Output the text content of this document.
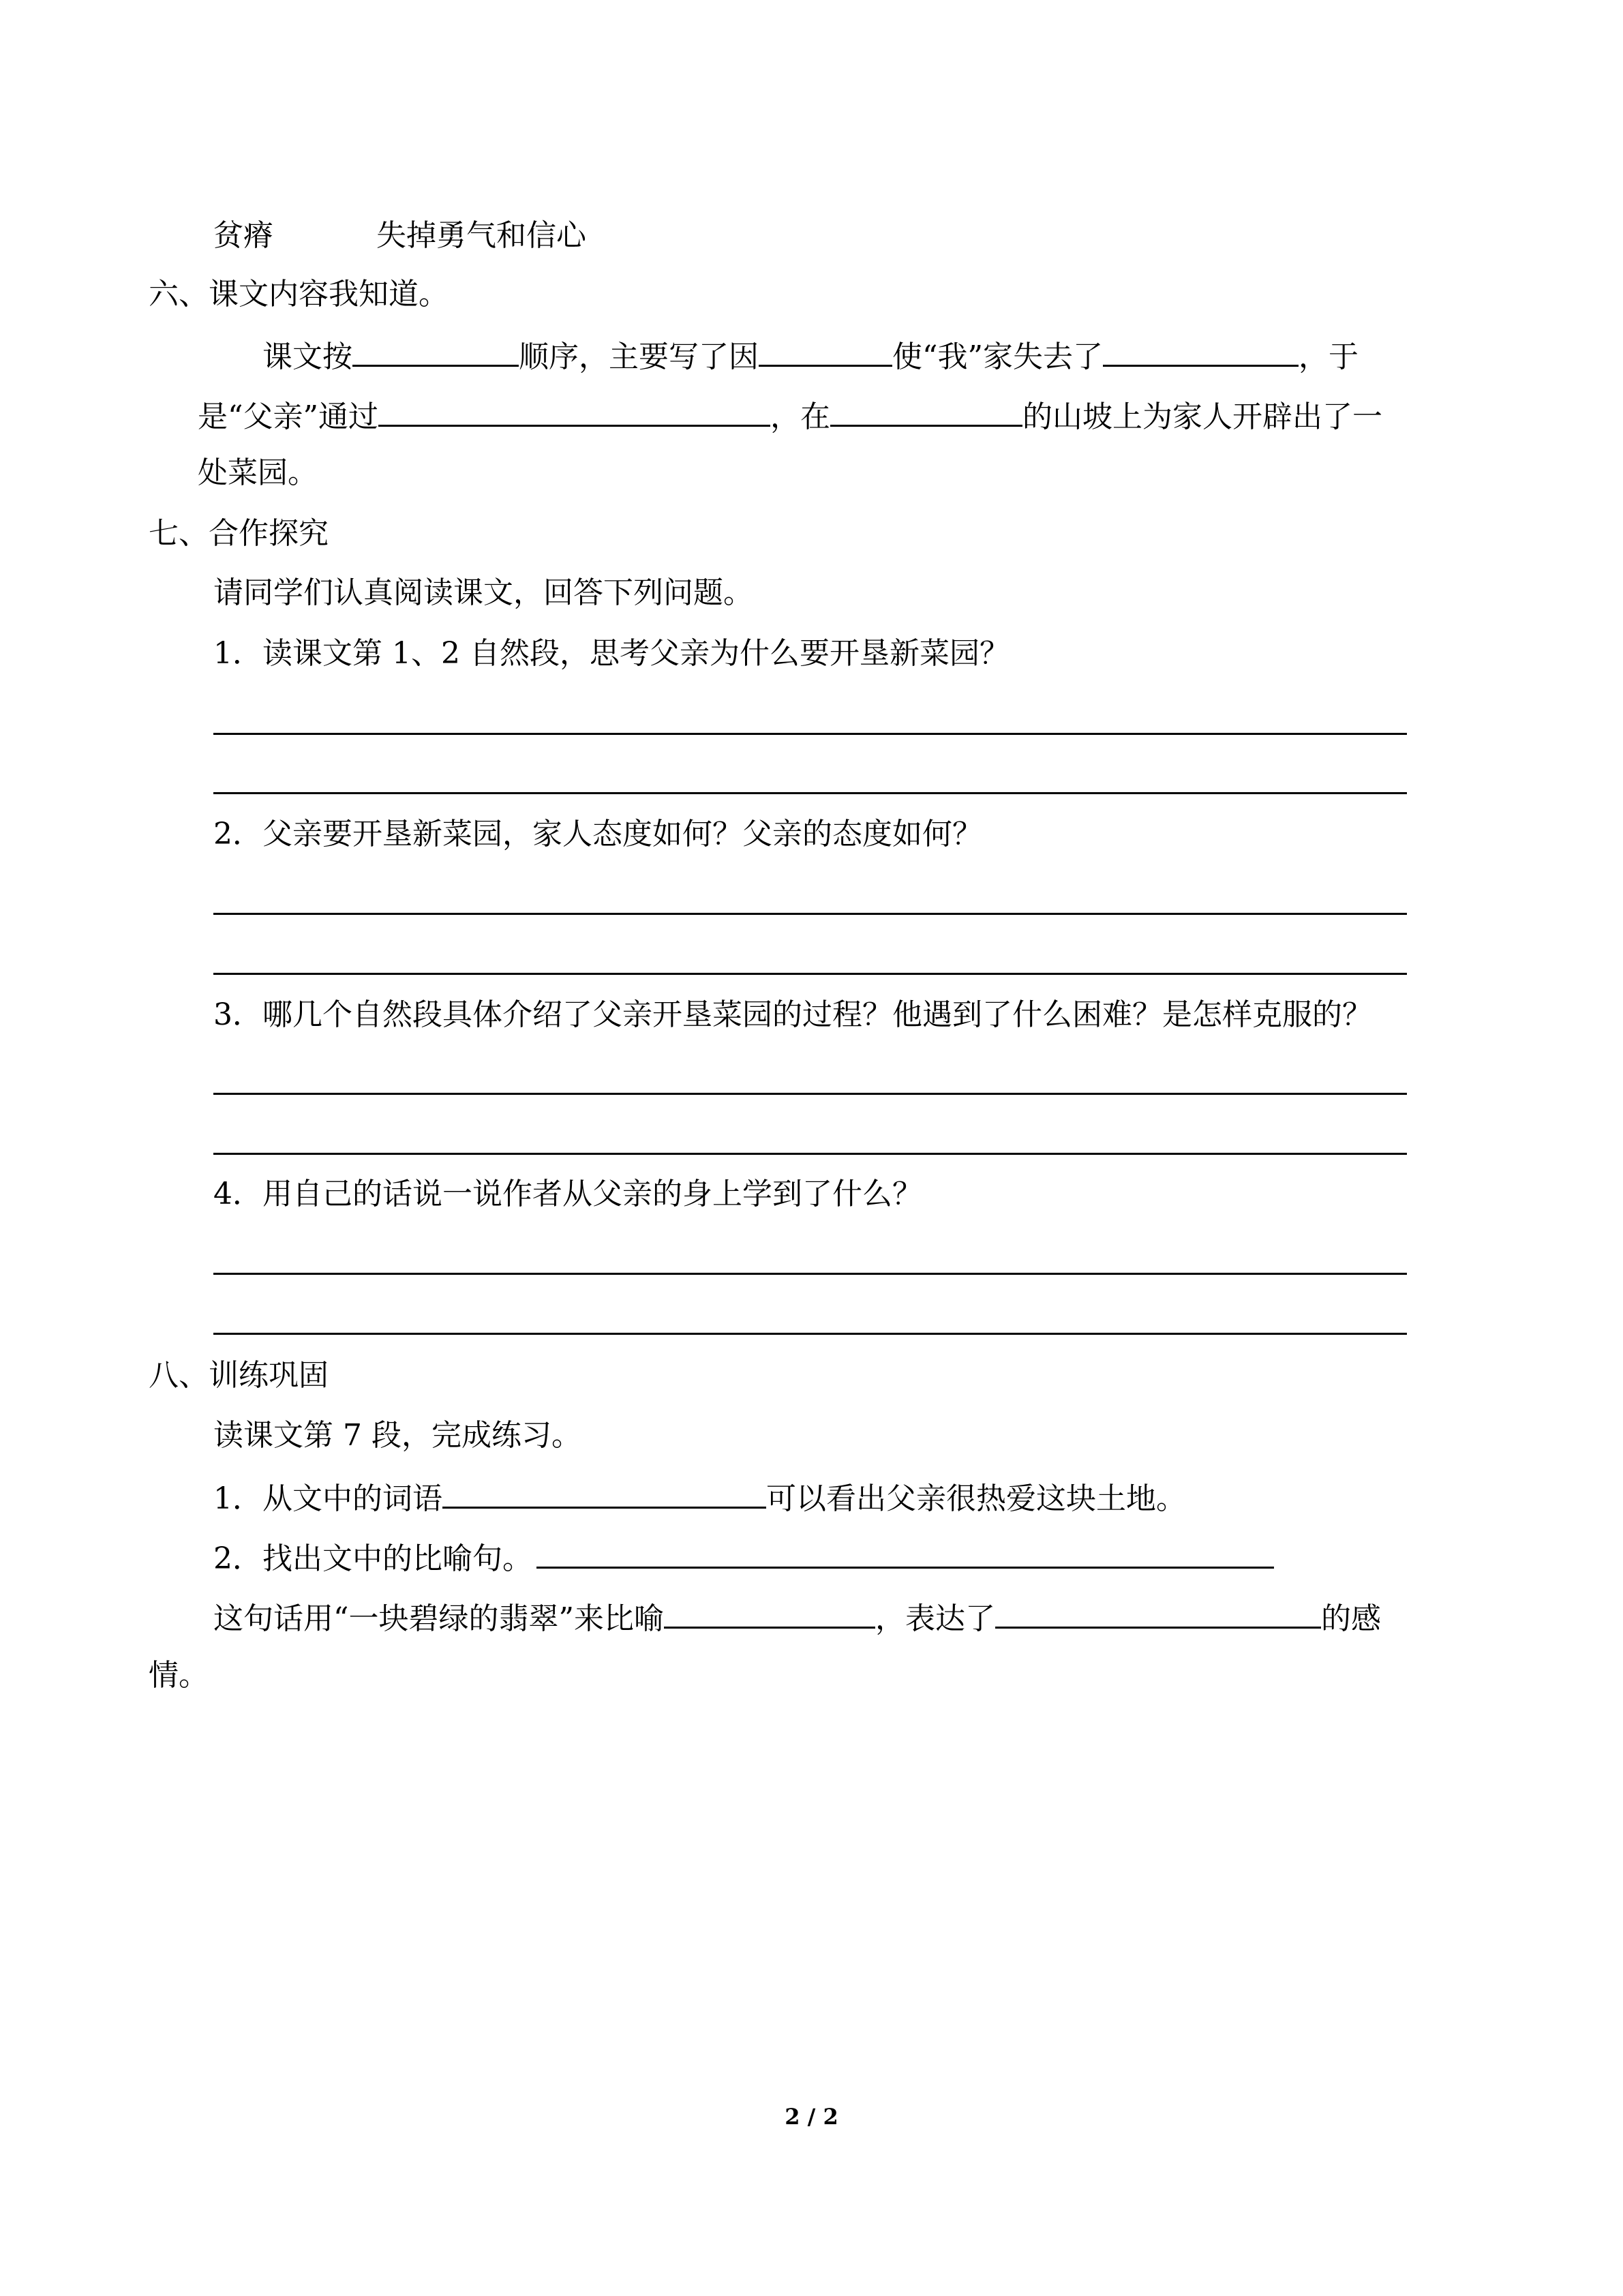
贫瘠	失掉勇气和信心
六、课文内容我知道。
课文按	顺序，主要写了因	使“我”家失去了	，于
是“父亲”通过	，在	的山坡上为家人开辟出了一
处菜园。
七、合作探究
请同学们认真阅读课文，回答下列问题。
1．读课文第 1、2 自然段，思考父亲为什么要开垦新菜园？
2．父亲要开垦新菜园，家人态度如何？父亲的态度如何？
3．哪几个自然段具体介绍了父亲开垦菜园的过程？他遇到了什么困难？是怎样克服的？
4．用自己的话说一说作者从父亲的身上学到了什么？
八、训练巩固
读课文第 7 段，完成练习。
1．从文中的词语	可以看出父亲很热爱这块土地。
2．找出文中的比喻句。
这句话用“一块碧绿的翡翠”来比喻	，表达了	的感
情。
2 / 2
